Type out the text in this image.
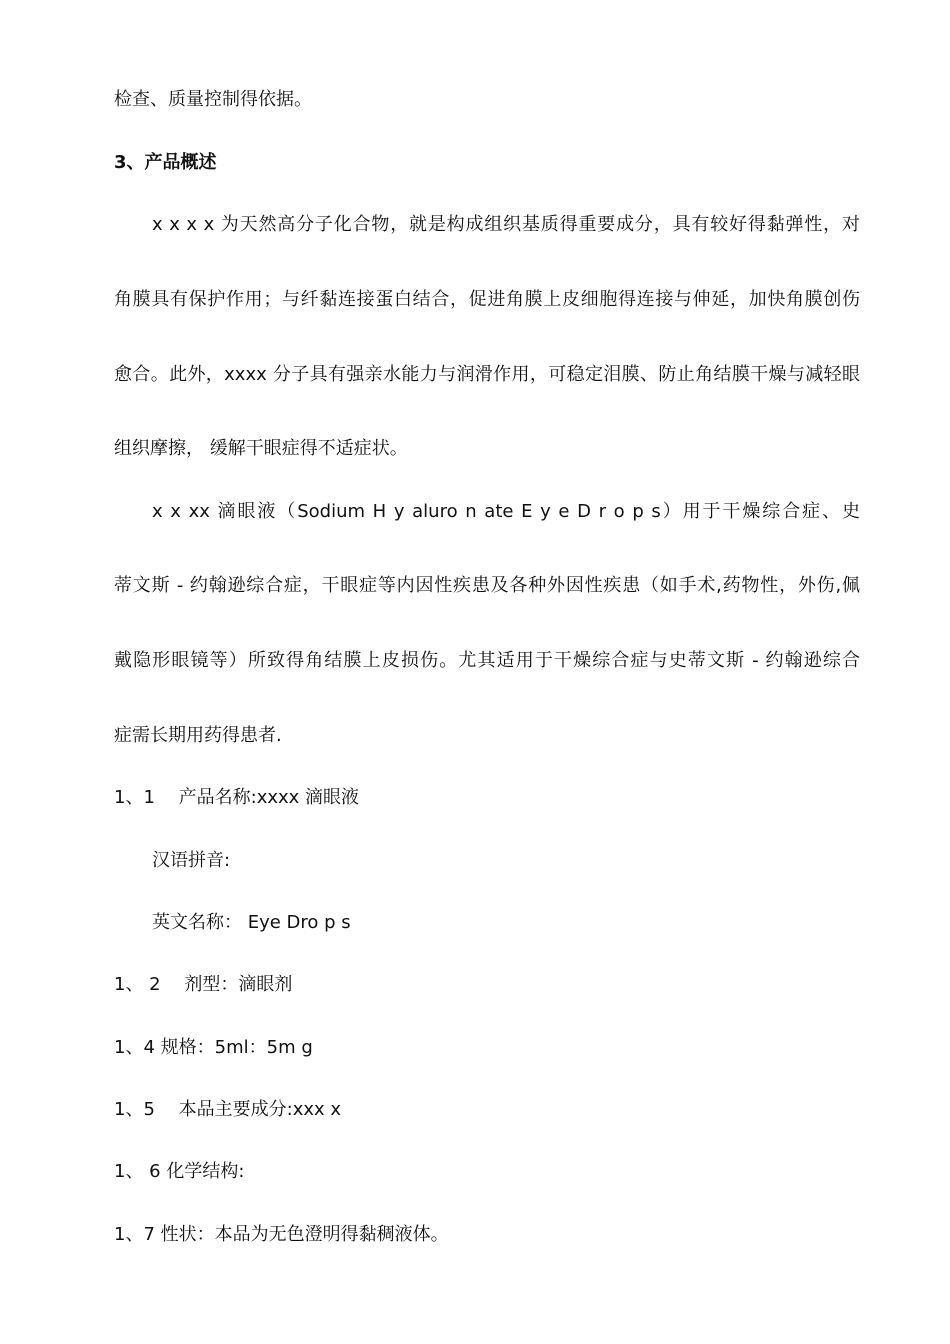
检查、质量控制得依据。
3、产品概述
x x x x 为天然高分子化合物，就是构成组织基质得重要成分，具有较好得黏弹性，对
角膜具有保护作用；与纤黏连接蛋白结合，促进角膜上皮细胞得连接与伸延，加快角膜创伤
愈合。此外，xxxx 分子具有强亲水能力与润滑作用，可稳定泪膜、防止角结膜干燥与减轻眼
组织摩擦， 缓解干眼症得不适症状。
x x xx 滴眼液（Sodium H y aluro n ate E y e D r o p s）用于干燥综合症、史
蒂文斯 - 约翰逊综合症，干眼症等内因性疾患及各种外因性疾患（如手术,药物性，外伤,佩
戴隐形眼镜等）所致得角结膜上皮损伤。尤其适用于干燥综合症与史蒂文斯 - 约翰逊综合
症需长期用药得患者.
1、1　 产品名称:xxxx 滴眼液
汉语拼音:
英文名称： Eye Dro p s
1、 2　 剂型：滴眼剂
1、4 规格：5ml：5m g
1、5　 本品主要成分:xxx x
1、 6 化学结构:
1、7 性状：本品为无色澄明得黏稠液体。
